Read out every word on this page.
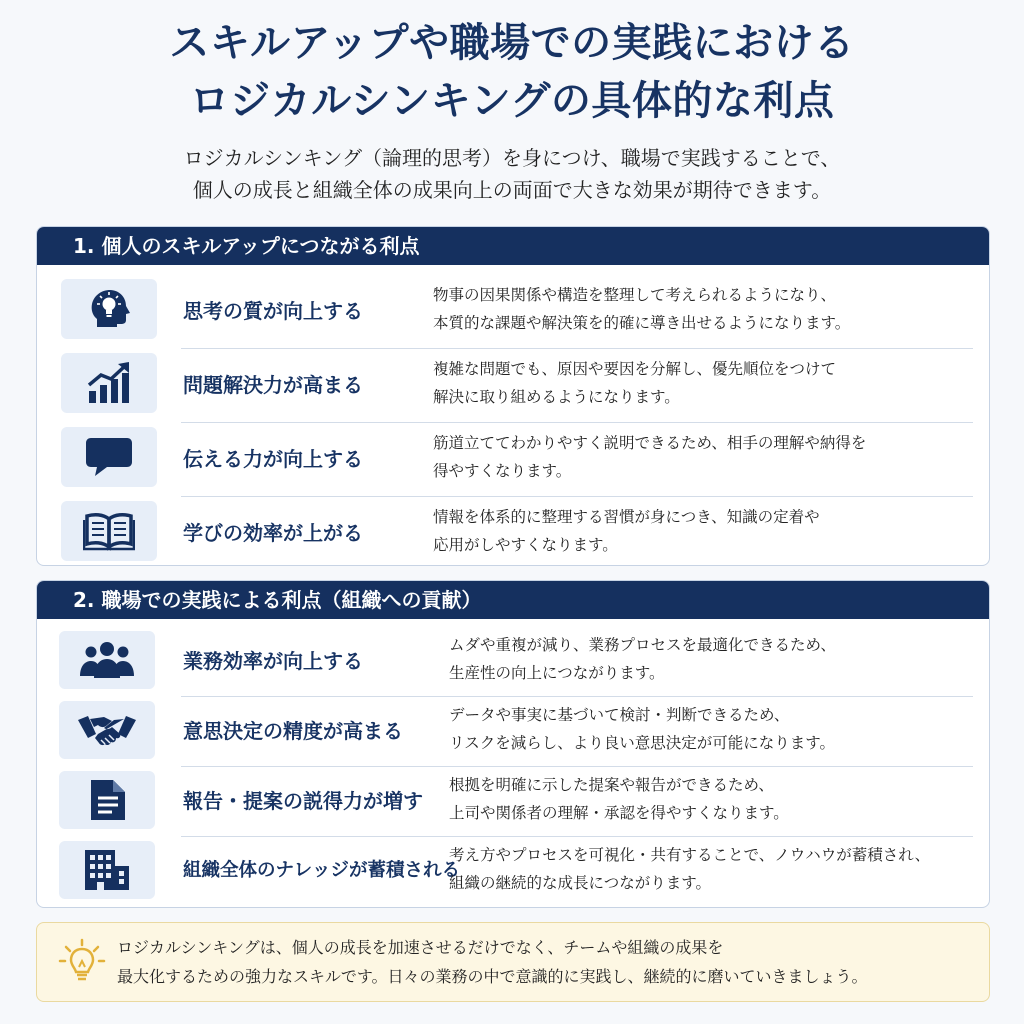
スキルアップや職場での実践における
ロジカルシンキングの具体的な利点
ロジカルシンキング（論理的思考）を身につけ、職場で実践することで、
個人の成長と組織全体の成果向上の両面で大きな効果が期待できます。
1. 個人のスキルアップにつながる利点
思考の質が向上する
物事の因果関係や構造を整理して考えられるようになり、
本質的な課題や解決策を的確に導き出せるようになります。
問題解決力が高まる
複雑な問題でも、原因や要因を分解し、優先順位をつけて
解決に取り組めるようになります。
伝える力が向上する
筋道立ててわかりやすく説明できるため、相手の理解や納得を
得やすくなります。
学びの効率が上がる
情報を体系的に整理する習慣が身につき、知識の定着や
応用がしやすくなります。
2. 職場での実践による利点（組織への貢献）
業務効率が向上する
ムダや重複が減り、業務プロセスを最適化できるため、
生産性の向上につながります。
意思決定の精度が高まる
データや事実に基づいて検討・判断できるため、
リスクを減らし、より良い意思決定が可能になります。
報告・提案の説得力が増す
根拠を明確に示した提案や報告ができるため、
上司や関係者の理解・承認を得やすくなります。
組織全体のナレッジが蓄積される
考え方やプロセスを可視化・共有することで、ノウハウが蓄積され、
組織の継続的な成長につながります。
ロジカルシンキングは、個人の成長を加速させるだけでなく、チームや組織の成果を
最大化するための強力なスキルです。日々の業務の中で意識的に実践し、継続的に磨いていきましょう。
